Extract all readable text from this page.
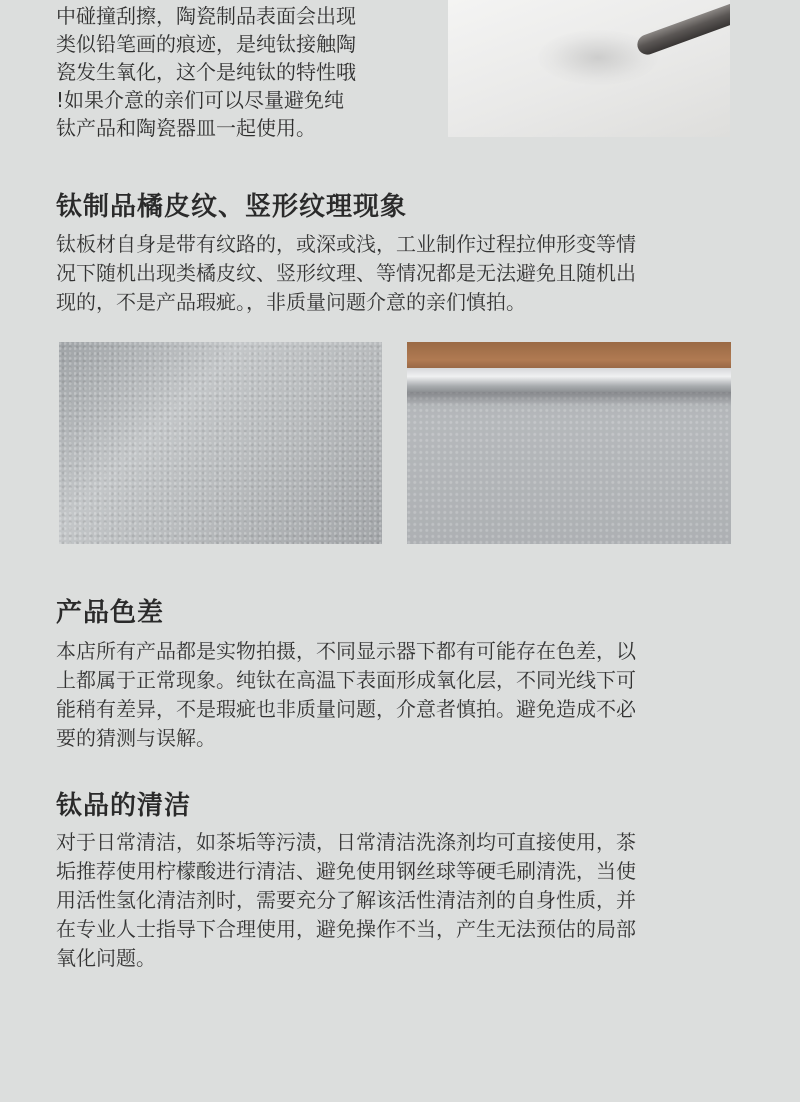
中碰撞刮擦，陶瓷制品表面会出现
类似铅笔画的痕迹，是纯钛接触陶
瓷发生氧化，这个是纯钛的特性哦
!如果介意的亲们可以尽量避免纯
钛产品和陶瓷器皿一起使用。
钛制品橘皮纹、竖形纹理现象
钛板材自身是带有纹路的，或深或浅，工业制作过程拉伸形变等情
况下随机出现类橘皮纹、竖形纹理、等情况都是无法避免且随机出
现的，不是产品瑕疵。，非质量问题介意的亲们慎拍。
产品色差
本店所有产品都是实物拍摄，不同显示器下都有可能存在色差，以
上都属于正常现象。纯钛在高温下表面形成氧化层，不同光线下可
能稍有差异，不是瑕疵也非质量问题，介意者慎拍。避免造成不必
要的猜测与误解。
钛品的清洁
对于日常清洁，如茶垢等污渍，日常清洁洗涤剂均可直接使用，茶
垢推荐使用柠檬酸进行清洁、避免使用钢丝球等硬毛刷清洗，当使
用活性氢化清洁剂时，需要充分了解该活性清洁剂的自身性质，并
在专业人士指导下合理使用，避免操作不当，产生无法预估的局部
氧化问题。
